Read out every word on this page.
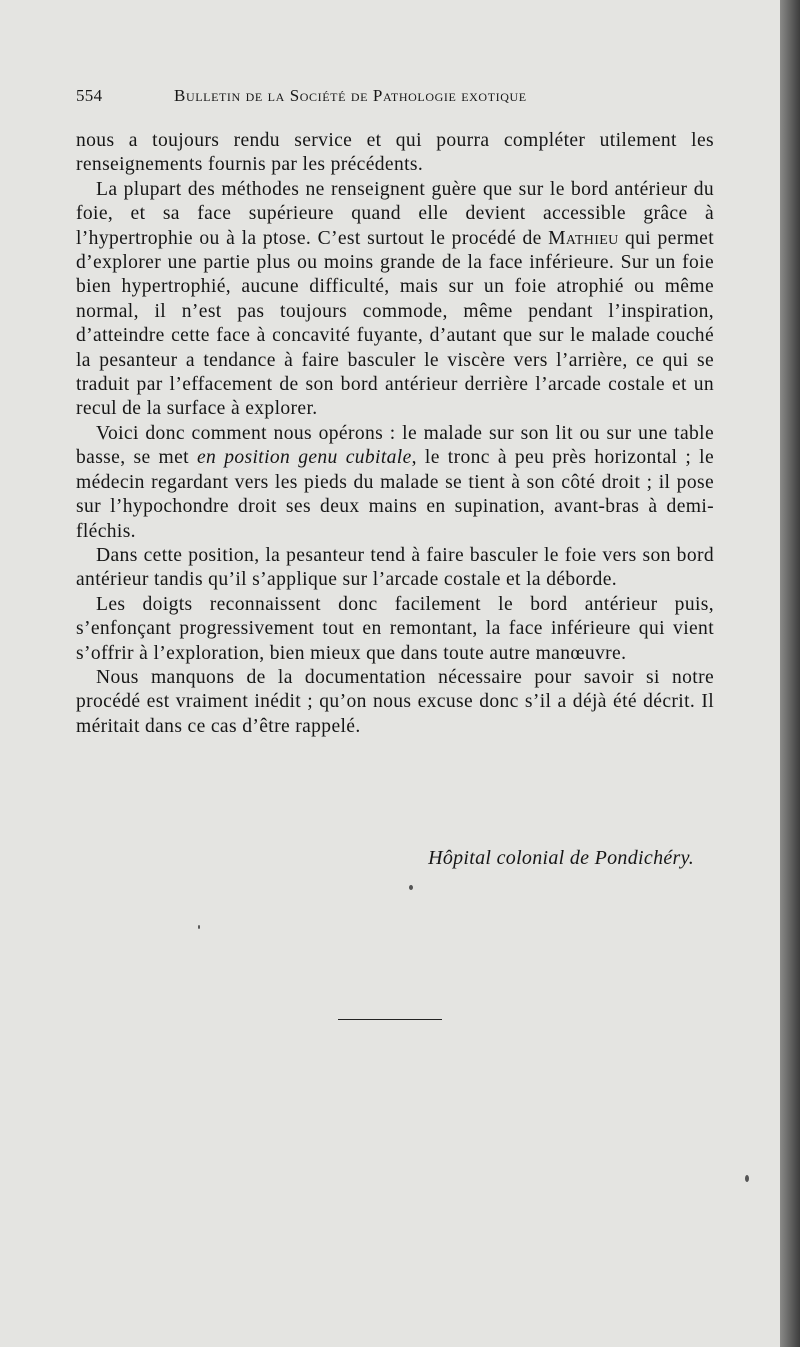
554	Bulletin de la Société de Pathologie exotique

nous a toujours rendu service et qui pourra compléter utilement les renseignements fournis par les précédents.

La plupart des méthodes ne renseignent guère que sur le bord antérieur du foie, et sa face supérieure quand elle devient accessible grâce à l’hypertrophie ou à la ptose. C’est surtout le procédé de Mathieu qui permet d’explorer une partie plus ou moins grande de la face inférieure. Sur un foie bien hypertrophié, aucune difficulté, mais sur un foie atrophié ou même normal, il n’est pas toujours commode, même pendant l’inspiration, d’atteindre cette face à concavité fuyante, d’autant que sur le malade couché la pesanteur a tendance à faire basculer le viscère vers l’arrière, ce qui se traduit par l’effacement de son bord antérieur derrière l’arcade costale et un recul de la surface à explorer.

Voici donc comment nous opérons : le malade sur son lit ou sur une table basse, se met en position genu cubitale, le tronc à peu près horizontal ; le médecin regardant vers les pieds du malade se tient à son côté droit ; il pose sur l’hypochondre droit ses deux mains en supination, avant-bras à demi-fléchis.

Dans cette position, la pesanteur tend à faire basculer le foie vers son bord antérieur tandis qu’il s’applique sur l’arcade costale et la déborde.

Les doigts reconnaissent donc facilement le bord antérieur puis, s’enfonçant progressivement tout en remontant, la face inférieure qui vient s’offrir à l’exploration, bien mieux que dans toute autre manœuvre.

Nous manquons de la documentation nécessaire pour savoir si notre procédé est vraiment inédit ; qu’on nous excuse donc s’il a déjà été décrit. Il méritait dans ce cas d’être rappelé.

Hôpital colonial de Pondichéry.
